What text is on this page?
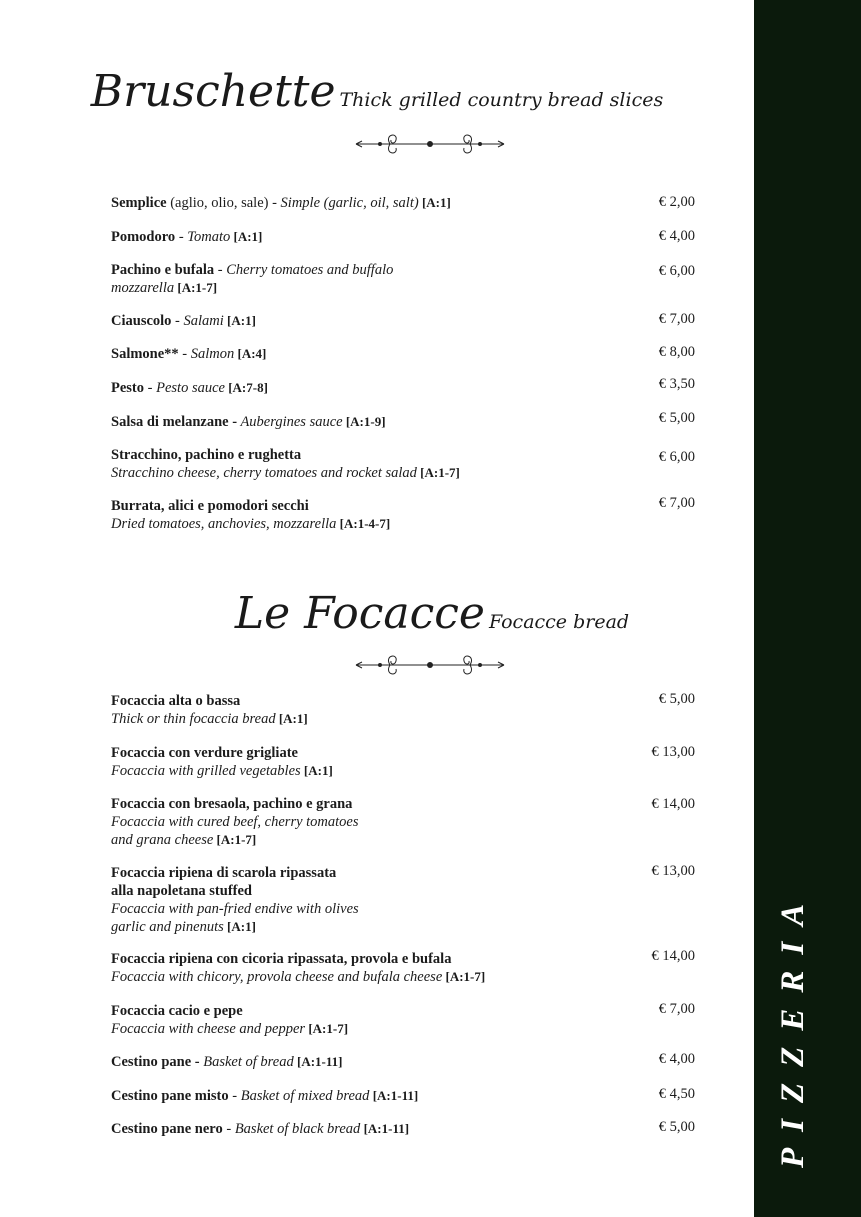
PIZZERIA
Bruschette Thick grilled country bread slices
Semplice (aglio, olio, sale) - Simple (garlic, oil, salt) [A:1]	€ 2,00
Pomodoro - Tomato [A:1]	€ 4,00
Pachino e bufala - Cherry tomatoes and buffalo
mozzarella [A:1-7]
€ 6,00
Ciauscolo - Salami [A:1]	€ 7,00
Salmone** - Salmon [A:4]	€ 8,00
Pesto - Pesto sauce [A:7-8]	€ 3,50
Salsa di melanzane - Aubergines sauce [A:1-9]	€ 5,00
Stracchino, pachino e rughetta
Stracchino cheese, cherry tomatoes and rocket salad [A:1-7]
€ 6,00
Burrata, alici e pomodori secchi
Dried tomatoes, anchovies, mozzarella [A:1-4-7]
€ 7,00
Le Focacce Focacce bread
Focaccia alta o bassa
Thick or thin focaccia bread [A:1]
€ 5,00
Focaccia con verdure grigliate
Focaccia with grilled vegetables [A:1]
€ 13,00
Focaccia con bresaola, pachino e grana
Focaccia with cured beef, cherry tomatoes
and grana cheese [A:1-7]
€ 14,00
Focaccia ripiena di scarola ripassata
alla napoletana stuffed
Focaccia with pan-fried endive with olives
garlic and pinenuts [A:1]
€ 13,00
Focaccia ripiena con cicoria ripassata, provola e bufala
Focaccia with chicory, provola cheese and bufala cheese [A:1-7]
€ 14,00
Focaccia cacio e pepe
Focaccia with cheese and pepper [A:1-7]
€ 7,00
Cestino pane - Basket of bread [A:1-11]	€ 4,00
Cestino pane misto - Basket of mixed bread [A:1-11]	€ 4,50
Cestino pane nero - Basket of black bread [A:1-11]	€ 5,00
